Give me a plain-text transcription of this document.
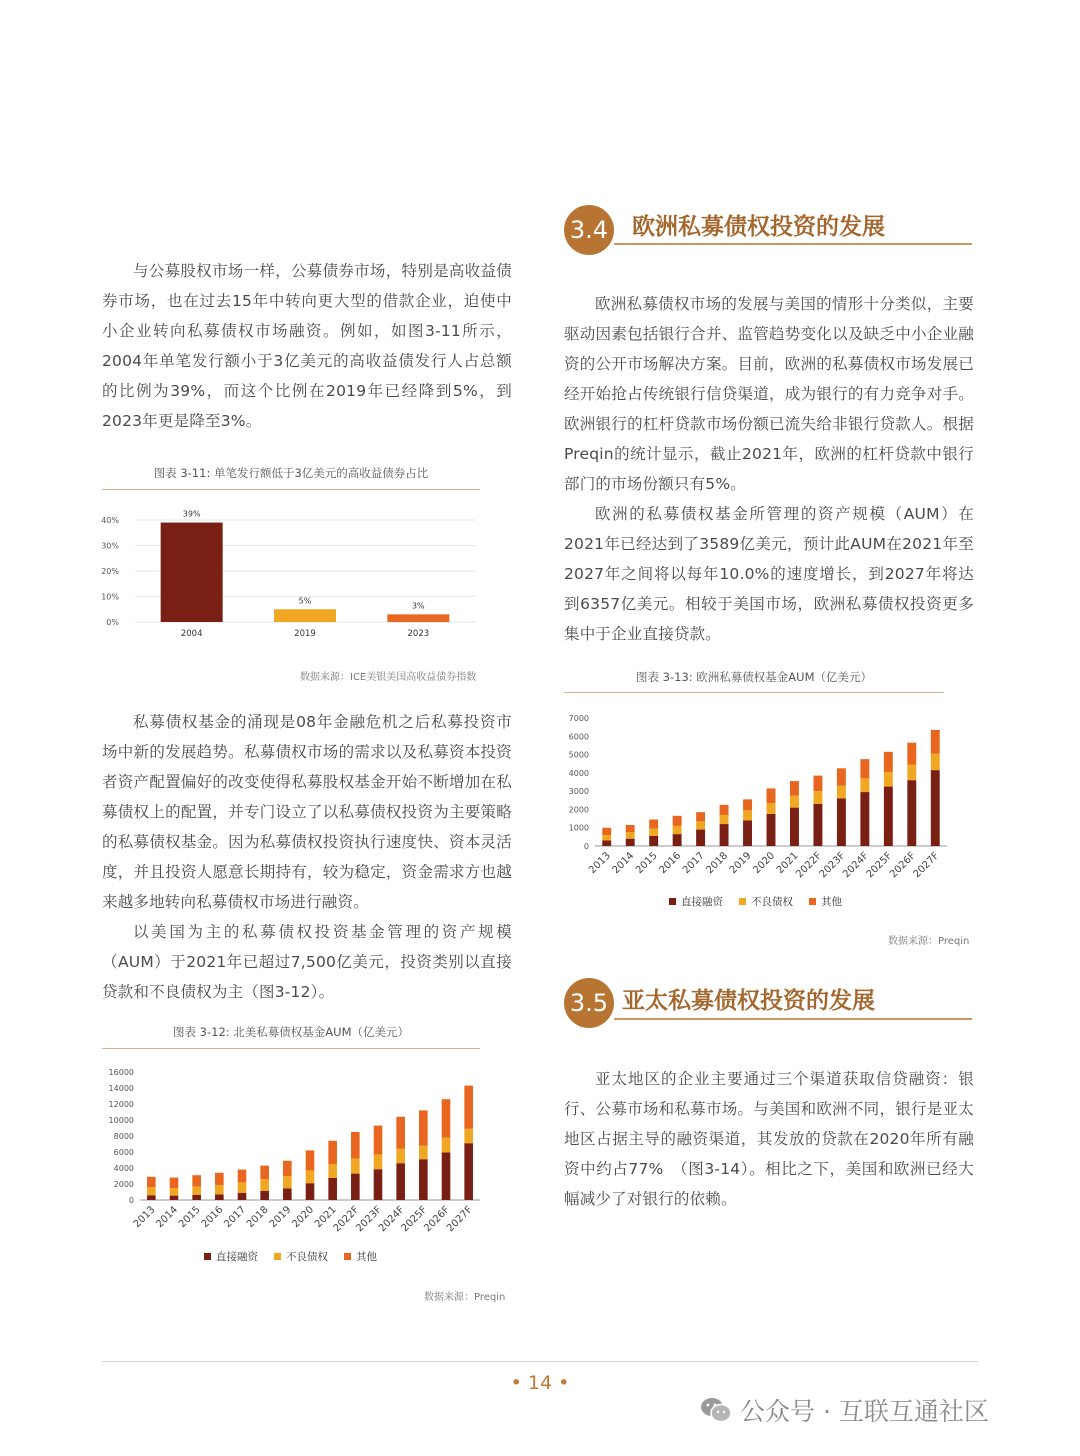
与公募股权市场一样，公募债券市场，特别是高收益债券市场，也在过去15年中转向更大型的借款企业，迫使中小企业转向私募债权市场融资。例如，如图3-11所示，2004年单笔发行额小于3亿美元的高收益债发行人占总额的比例为39%，而这个比例在2019年已经降到5%，到2023年更是降至3%。

图表 3-11: 单笔发行额低于3亿美元的高收益债券占比
0%
10%
20%
30%
40%
39%
2004
5%
2019
3%
2023
数据来源：ICE美银美国高收益债券指数

私募债权基金的涌现是08年金融危机之后私募投资市场中新的发展趋势。私募债权市场的需求以及私募资本投资者资产配置偏好的改变使得私募股权基金开始不断增加在私募债权上的配置，并专门设立了以私募债权投资为主要策略的私募债权基金。因为私募债权投资执行速度快、资本灵活度，并且投资人愿意长期持有，较为稳定，资金需求方也越来越多地转向私募债权市场进行融资。

以美国为主的私募债权投资基金管理的资产规模（AUM）于2021年已超过7,500亿美元，投资类别以直接贷款和不良债权为主（图3-12）。

图表 3-12: 北美私募债权基金AUM（亿美元）
0
2000
4000
6000
8000
10000
12000
14000
16000
2013
2014
2015
2016
2017
2018
2019
2020
2021
2022F
2023F
2024F
2025F
2026F
2027F
直接融资	不良债权	其他
数据来源：Preqin
3.4 欧洲私募债权投资的发展

欧洲私募债权市场的发展与美国的情形十分类似，主要驱动因素包括银行合并、监管趋势变化以及缺乏中小企业融资的公开市场解决方案。目前，欧洲的私募债权市场发展已经开始抢占传统银行信贷渠道，成为银行的有力竞争对手。欧洲银行的杠杆贷款市场份额已流失给非银行贷款人。根据Preqin的统计显示，截止2021年，欧洲的杠杆贷款中银行部门的市场份额只有5%。

欧洲的私募债权基金所管理的资产规模（AUM）在2021年已经达到了3589亿美元，预计此AUM在2021年至2027年之间将以每年10.0%的速度增长，到2027年将达到6357亿美元。相较于美国市场，欧洲私募债权投资更多集中于企业直接贷款。

图表 3-13: 欧洲私募债权基金AUM（亿美元）
0
1000
2000
3000
4000
5000
6000
7000
2013
2014
2015
2016
2017
2018
2019
2020
2021
2022F
2023F
2024F
2025F
2026F
2027F
直接融资	不良债权	其他
数据来源：Preqin
3.5 亚太私募债权投资的发展

亚太地区的企业主要通过三个渠道获取信贷融资：银行、公募市场和私募市场。与美国和欧洲不同，银行是亚太地区占据主导的融资渠道，其发放的贷款在2020年所有融资中约占77%　（图3-14）。相比之下，美国和欧洲已经大幅减少了对银行的依赖。

• 14 •
公众号 · 互联互通社区
